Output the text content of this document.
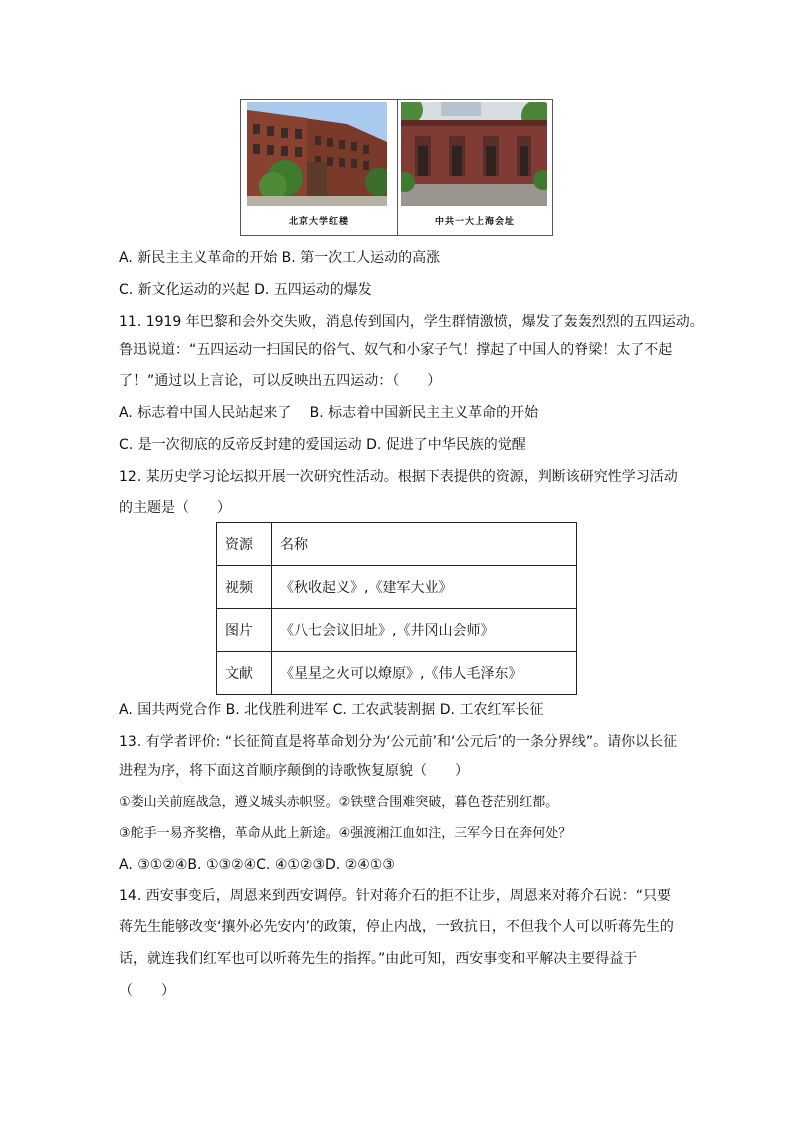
北京大学红楼	中共一大上海会址
A. 新民主主义革命的开始 B. 第一次工人运动的高涨
C. 新文化运动的兴起 D. 五四运动的爆发
11. 1919 年巴黎和会外交失败，消息传到国内，学生群情激愤，爆发了轰轰烈烈的五四运动。
鲁迅说道：“五四运动一扫国民的俗气、奴气和小家子气！撑起了中国人的脊梁！太了不起
了！”通过以上言论，可以反映出五四运动：（　　）
A. 标志着中国人民站起来了　 B. 标志着中国新民主主义革命的开始
C. 是一次彻底的反帝反封建的爱国运动 D. 促进了中华民族的觉醒
12. 某历史学习论坛拟开展一次研究性活动。根据下表提供的资源，判断该研究性学习活动
的主题是（　　）
资源	名称
视频	《秋收起义》,《建军大业》
图片	《八七会议旧址》,《井冈山会师》
文献	《星星之火可以燎原》,《伟人毛泽东》
A. 国共两党合作 B. 北伐胜利进军 C. 工农武装割据 D. 工农红军长征
13. 有学者评价: “长征简直是将革命划分为‘公元前’和‘公元后’的一条分界线”。请你以长征
进程为序，将下面这首顺序颠倒的诗歌恢复原貌（　　）
①娄山关前庭战急，遵义城头赤帜竖。②铁壁合围难突破，暮色苍茫别红都。
③舵手一易齐奖橹，革命从此上新途。④强渡湘江血如注，三军今日在奔何处？
A. ③①②④B. ①③②④C. ④①②③D. ②④①③
14. 西安事变后，周恩来到西安调停。针对蒋介石的拒不让步，周恩来对蒋介石说：“只要
蒋先生能够改变‘攘外必先安内’的政策，停止内战，一致抗日，不但我个人可以听蒋先生的
话，就连我们红军也可以听蒋先生的指挥。”由此可知，西安事变和平解决主要得益于
（　　）
